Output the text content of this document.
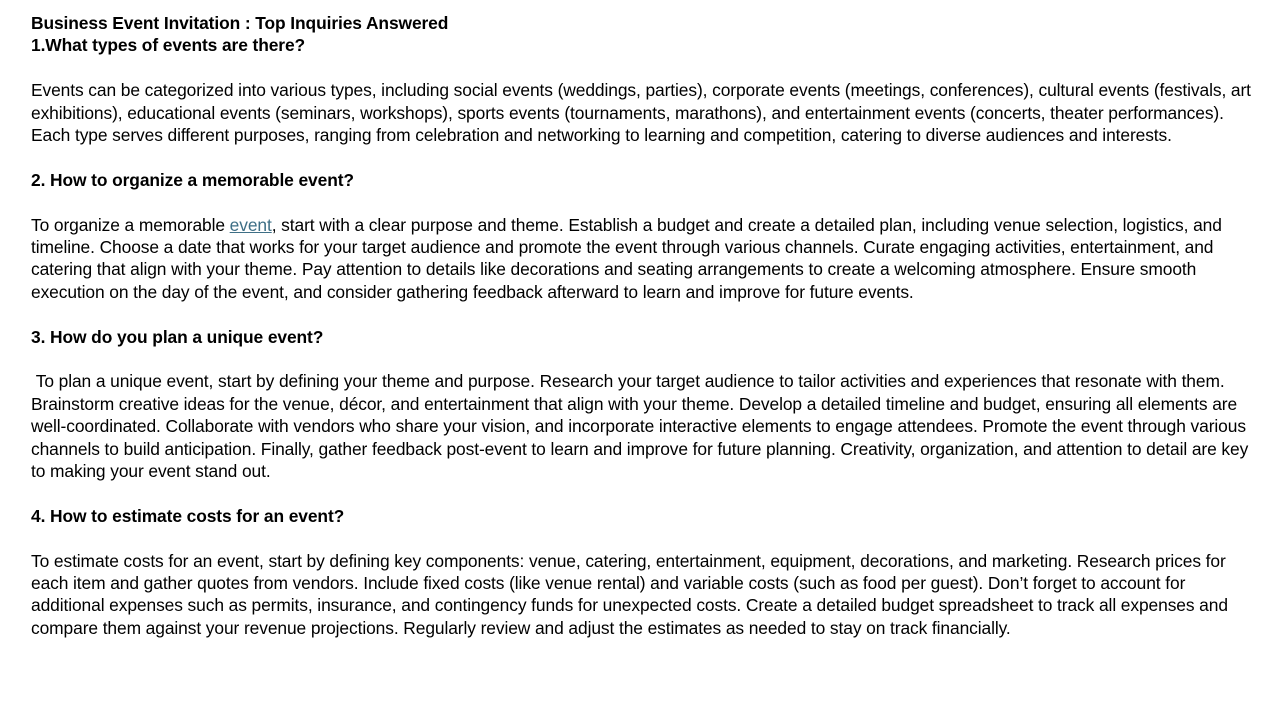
Business Event Invitation : Top Inquiries Answered
1.What types of events are there?

Events can be categorized into various types, including social events (weddings, parties), corporate events (meetings, conferences), cultural events (festivals, art exhibitions), educational events (seminars, workshops), sports events (tournaments, marathons), and entertainment events (concerts, theater performances). Each type serves different purposes, ranging from celebration and networking to learning and competition, catering to diverse audiences and interests.

2. How to organize a memorable event?

To organize a memorable event, start with a clear purpose and theme. Establish a budget and create a detailed plan, including venue selection, logistics, and timeline. Choose a date that works for your target audience and promote the event through various channels. Curate engaging activities, entertainment, and catering that align with your theme. Pay attention to details like decorations and seating arrangements to create a welcoming atmosphere. Ensure smooth execution on the day of the event, and consider gathering feedback afterward to learn and improve for future events.

3. How do you plan a unique event?

To plan a unique event, start by defining your theme and purpose. Research your target audience to tailor activities and experiences that resonate with them. Brainstorm creative ideas for the venue, décor, and entertainment that align with your theme. Develop a detailed timeline and budget, ensuring all elements are well-coordinated. Collaborate with vendors who share your vision, and incorporate interactive elements to engage attendees. Promote the event through various channels to build anticipation. Finally, gather feedback post-event to learn and improve for future planning. Creativity, organization, and attention to detail are key to making your event stand out.

4. How to estimate costs for an event?

To estimate costs for an event, start by defining key components: venue, catering, entertainment, equipment, decorations, and marketing. Research prices for each item and gather quotes from vendors. Include fixed costs (like venue rental) and variable costs (such as food per guest). Don’t forget to account for additional expenses such as permits, insurance, and contingency funds for unexpected costs. Create a detailed budget spreadsheet to track all expenses and compare them against your revenue projections. Regularly review and adjust the estimates as needed to stay on track financially.
